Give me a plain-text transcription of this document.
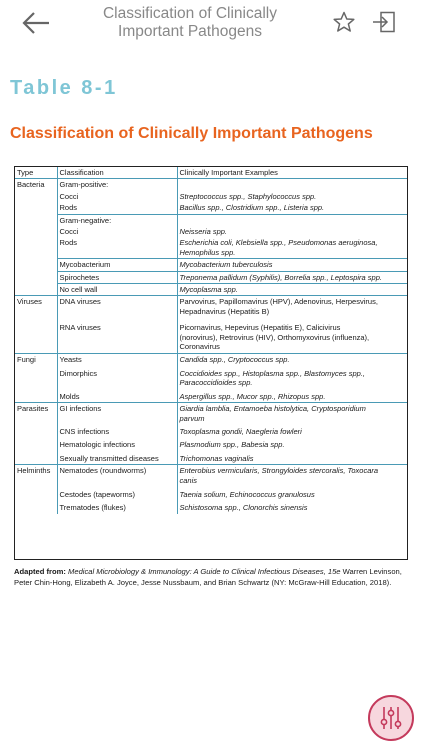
Classification of Clinically
Important Pathogens
Table 8-1
Classification of Clinically Important Pathogens
Type	Classification	Clinically Important Examples
Bacteria	Gram-positive:	
	Cocci	Streptococcus spp., Staphylococcus spp.
	Rods	Bacillus spp., Clostridium spp., Listeria spp.
	Gram-negative:	
	Cocci	Neisseria spp.
	Rods	Escherichia coli, Klebsiella spp., Pseudomonas aeruginosa,
Hemophilus spp.
	Mycobacterium	Mycobacterium tuberculosis
	Spirochetes	Treponema pallidum (Syphilis), Borrelia spp., Leptospira spp.
	No cell wall	Mycoplasma spp.
Viruses	DNA viruses	Parvovirus, Papillomavirus (HPV), Adenovirus, Herpesvirus,
Hepadnavirus (Hepatitis B)
	RNA viruses	Picornavirus, Hepevirus (Hepatitis E), Calicivirus
(norovirus), Retrovirus (HIV), Orthomyxovirus (influenza),
Coronavirus
Fungi	Yeasts	Candida spp., Cryptococcus spp.
	Dimorphics	Coccidioides spp., Histoplasma spp., Blastomyces spp.,
Paracoccidioides spp.
	Molds	Aspergillus spp., Mucor spp., Rhizopus spp.
Parasites	GI infections	Giardia lamblia, Entamoeba histolytica, Cryptosporidium
parvum
	CNS infections	Toxoplasma gondii, Naegleria fowleri
	Hematologic infections	Plasmodium spp., Babesia spp.
	Sexually transmitted diseases	Trichomonas vaginalis
Helminths	Nematodes (roundworms)	Enterobius vermicularis, Strongyloides stercoralis, Toxocara
canis
	Cestodes (tapeworms)	Taenia solium, Echinococcus granulosus
	Trematodes (flukes)	Schistosoma spp., Clonorchis sinensis
Adapted from: Medical Microbiology & Immunology: A Guide to Clinical Infectious Diseases, 15e Warren Levinson, Peter Chin-Hong, Elizabeth A. Joyce, Jesse Nussbaum, and Brian Schwartz (NY: McGraw-Hill Education, 2018).
